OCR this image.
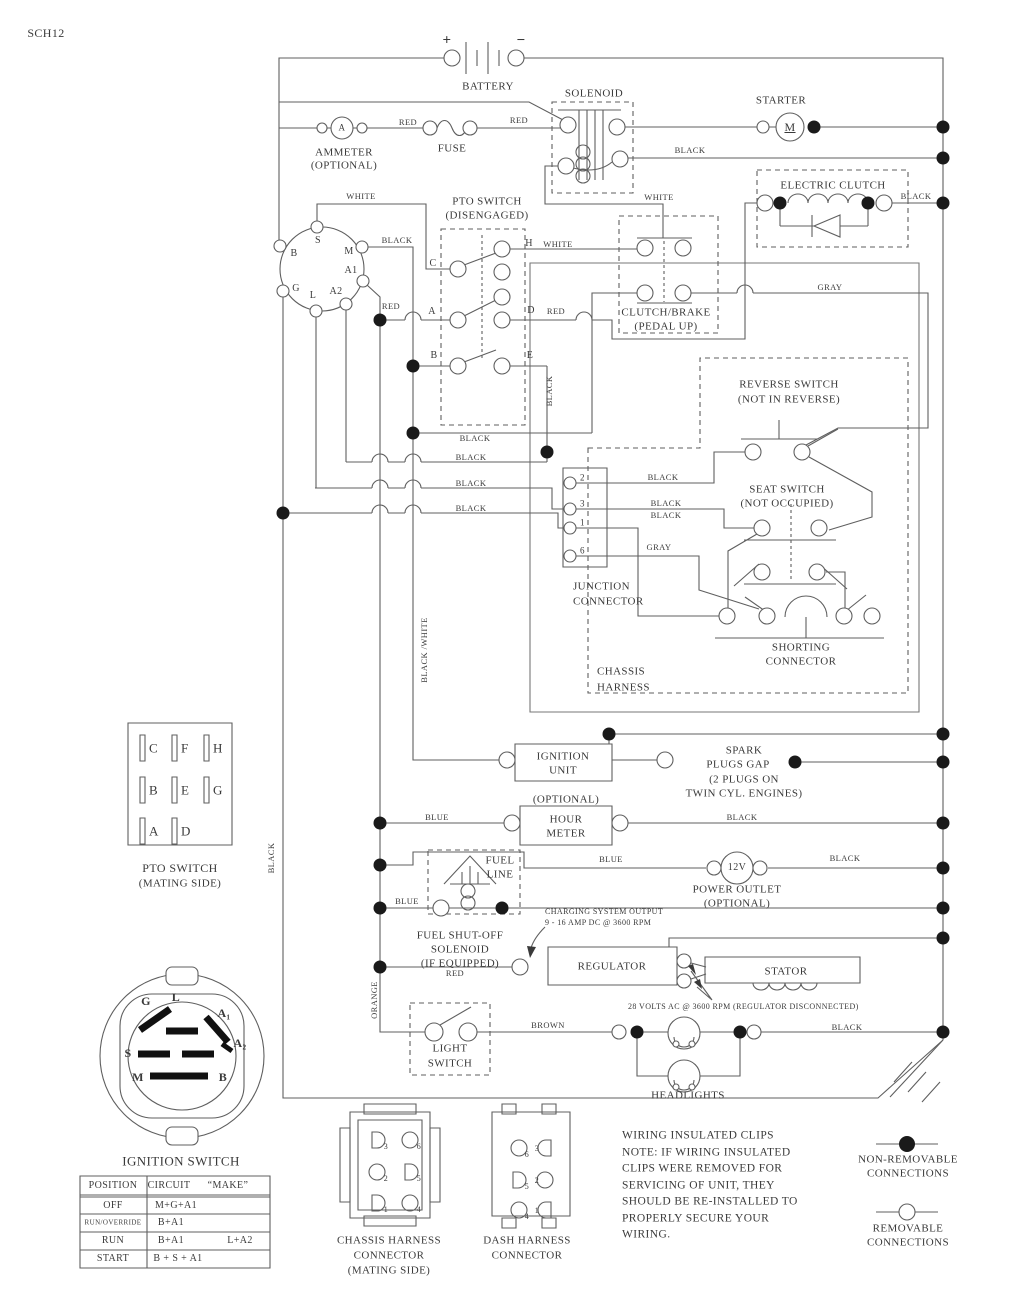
SCH12	+	−
BATTERY
SOLENOID
STARTER
M
A
AMMETER
(OPTIONAL)
FUSE
RED	RED
BLACK
ELECTRIC CLUTCH
BLACK
WHITE	WHITE
PTO SWITCH
(DISENGAGED)
BLACK	H WHITE
C
S
M
B
A1
G
L A2
RED
A	D RED
GRAY
CLUTCH/BRAKE
(PEDAL UP)
B	E
BLACK	REVERSE SWITCH
(NOT IN REVERSE)
BLACK
BLACK
BLACK
BLACK
2
3
1
6
BLACK
BLACK
BLACK
GRAY
SEAT SWITCH
(NOT OCCUPIED)
JUNCTION
CONNECTOR
SHORTING
CONNECTOR
CHASSIS
HARNESS
BLACK /WHITE
C F H
B E G
A D
PTO SWITCH
(MATING SIDE)
BLACK
IGNITION
UNIT
SPARK
PLUGS GAP
(2 PLUGS ON
TWIN CYL. ENGINES)
(OPTIONAL)
HOUR
METER
BLUE	BLACK
FUEL
LINE
BLUE
BLUE
CHARGING SYSTEM OUTPUT
9 - 16 AMP DC @ 3600 RPM
12V
POWER OUTLET
(OPTIONAL)
BLACK
FUEL SHUT-OFF
SOLENOID
(IF EQUIPPED)
RED
REGULATOR	STATOR
28 VOLTS AC @ 3600 RPM (REGULATOR DISCONNECTED)
ORANGE
LIGHT
SWITCH
BROWN	BLACK
HEADLIGHTS
G L
A₁
A₂
S
M	B
IGNITION SWITCH
POSITION CIRCUIT “MAKE”
OFF	M+G+A1
RUN/OVERRIDE B+A1
RUN	B+A1	L+A2
START B + S + A1
3	6
2	5
1	4
6
3
5
2
4
1
CHASSIS HARNESS
CONNECTOR
(MATING SIDE)
DASH HARNESS
CONNECTOR
WIRING INSULATED CLIPS
NOTE: IF WIRING INSULATED
CLIPS WERE REMOVED FOR
SERVICING OF UNIT, THEY
SHOULD BE RE-INSTALLED TO
PROPERLY SECURE YOUR
WIRING.
NON-REMOVABLE
CONNECTIONS
REMOVABLE
CONNECTIONS
